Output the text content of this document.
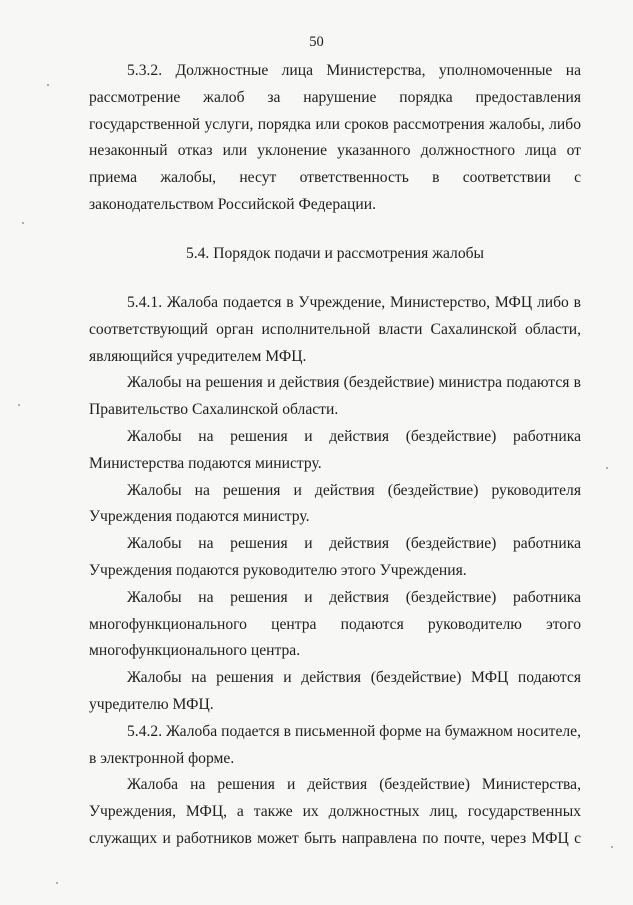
50

5.3.2. Должностные лица Министерства, уполномоченные на рассмотрение жалоб за нарушение порядка предоставления государственной услуги, порядка или сроков рассмотрения жалобы, либо незаконный отказ или уклонение указанного должностного лица от приема жалобы, несут ответственность в соответствии с законодательством Российской Федерации.

5.4. Порядок подачи и рассмотрения жалобы

5.4.1. Жалоба подается в Учреждение, Министерство, МФЦ либо в соответствующий орган исполнительной власти Сахалинской области, являющийся учредителем МФЦ.

Жалобы на решения и действия (бездействие) министра подаются в Правительство Сахалинской области.

Жалобы на решения и действия (бездействие) работника Министерства подаются министру.

Жалобы на решения и действия (бездействие) руководителя Учреждения подаются министру.

Жалобы на решения и действия (бездействие) работника Учреждения подаются руководителю этого Учреждения.

Жалобы на решения и действия (бездействие) работника многофункционального центра подаются руководителю этого многофункционального центра.

Жалобы на решения и действия (бездействие) МФЦ подаются учредителю МФЦ.

5.4.2. Жалоба подается в письменной форме на бумажном носителе, в электронной форме.

Жалоба на решения и действия (бездействие) Министерства, Учреждения, МФЦ, а также их должностных лиц, государственных служащих и работников может быть направлена по почте, через МФЦ с
